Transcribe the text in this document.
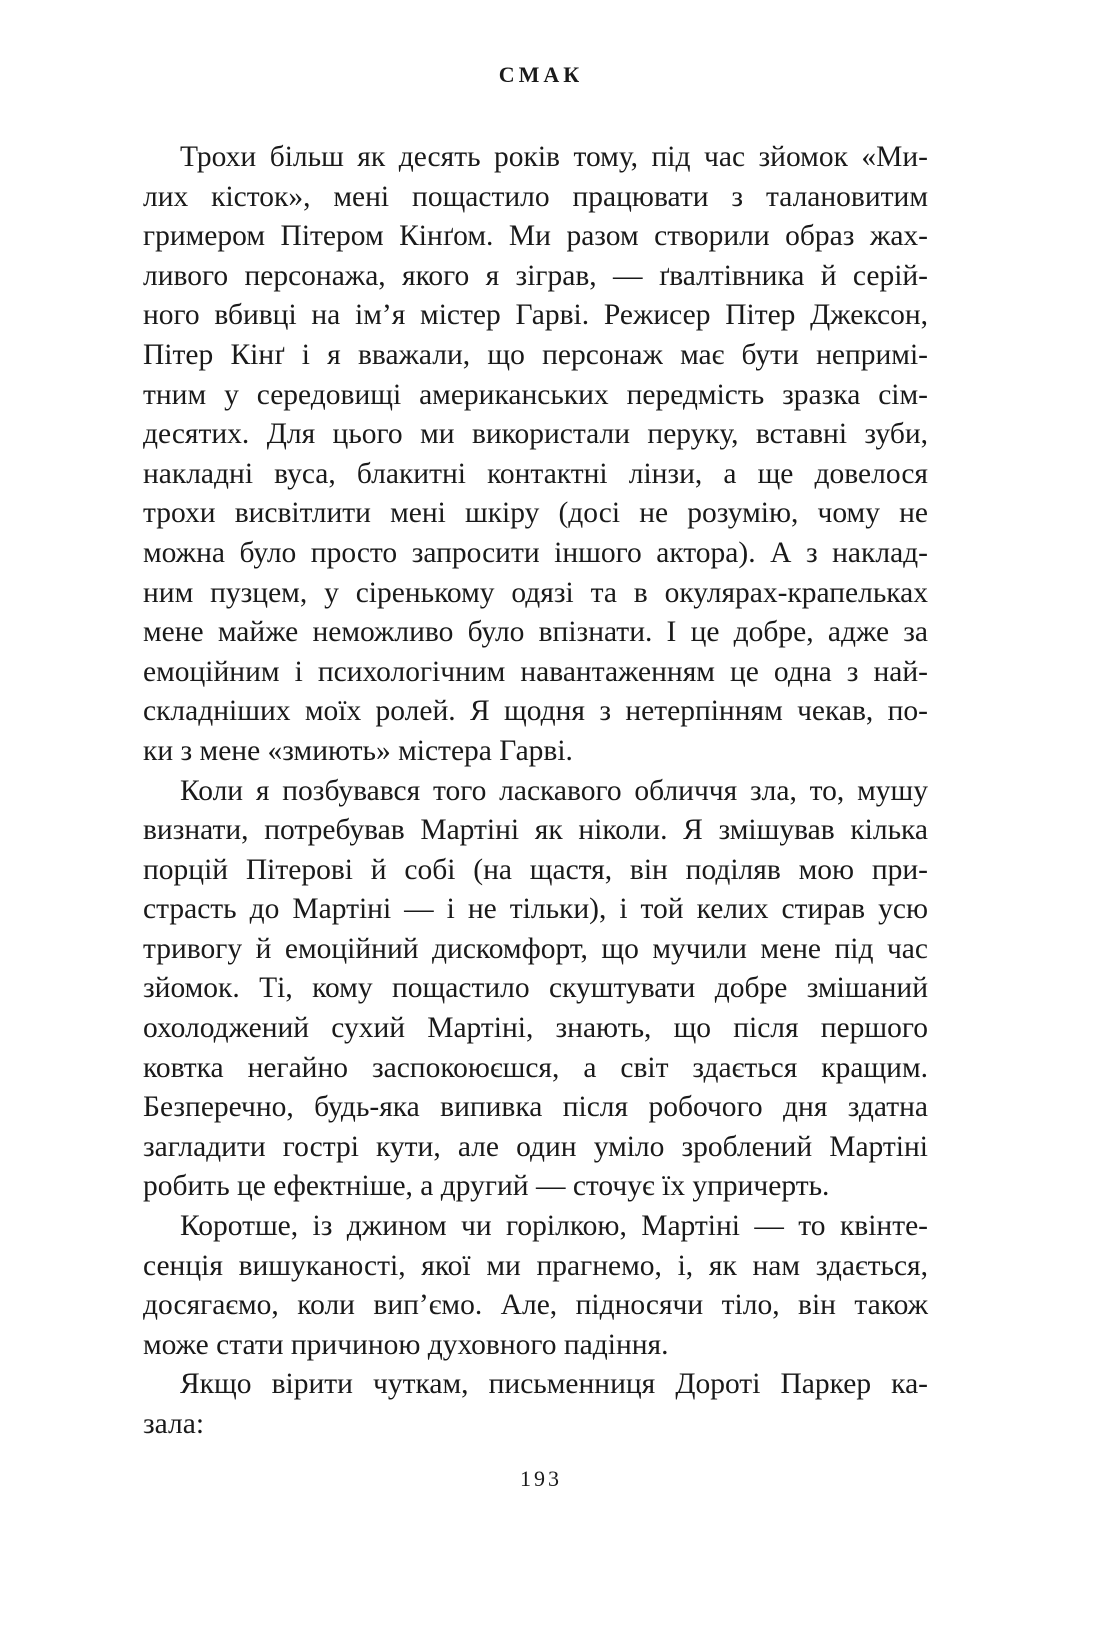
СМАК
Трохи більш як десять років тому, під час зйомок «Ми-
лих кісток», мені пощастило працювати з талановитим
гримером Пітером Кінґом. Ми разом створили образ жах-
ливого персонажа, якого я зіграв, — ґвалтівника й серій-
ного вбивці на ім’я містер Гарві. Режисер Пітер Джексон,
Пітер Кінґ і я вважали, що персонаж має бути непримі-
тним у середовищі американських передмість зразка сім-
десятих. Для цього ми використали перуку, вставні зуби,
накладні вуса, блакитні контактні лінзи, а ще довелося
трохи висвітлити мені шкіру (досі не розумію, чому не
можна було просто запросити іншого актора). А з наклад-
ним пузцем, у сіренькому одязі та в окулярах-крапельках
мене майже неможливо було впізнати. І це добре, адже за
емоційним і психологічним навантаженням це одна з най-
складніших моїх ролей. Я щодня з нетерпінням чекав, по-
ки з мене «змиють» містера Гарві.
Коли я позбувався того ласкавого обличчя зла, то, мушу
визнати, потребував Мартіні як ніколи. Я змішував кілька
порцій Пітерові й собі (на щастя, він поділяв мою при-
страсть до Мартіні — і не тільки), і той келих стирав усю
тривогу й емоційний дискомфорт, що мучили мене під час
зйомок. Ті, кому пощастило скуштувати добре змішаний
охолоджений сухий Мартіні, знають, що після першого
ковтка негайно заспокоюєшся, а світ здається кращим.
Безперечно, будь-яка випивка після робочого дня здатна
загладити гострі кути, але один уміло зроблений Мартіні
робить це ефектніше, а другий — сточує їх упричерть.
Коротше, із джином чи горілкою, Мартіні — то квінте-
сенція вишуканості, якої ми прагнемо, і, як нам здається,
досягаємо, коли вип’ємо. Але, підносячи тіло, він також
може стати причиною духовного падіння.
Якщо вірити чуткам, письменниця Дороті Паркер ка-
зала:
193
